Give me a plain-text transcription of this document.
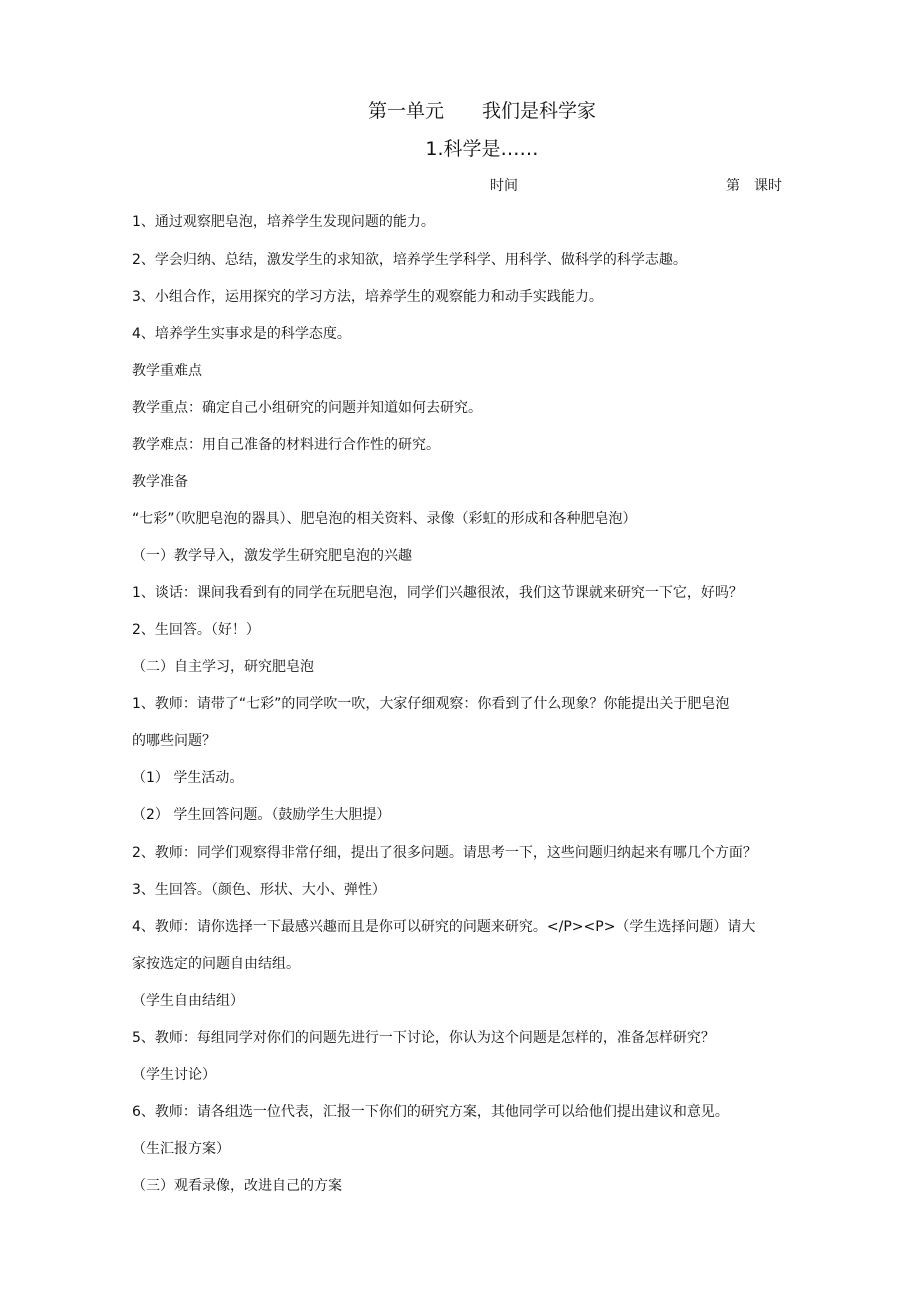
第一单元 我们是科学家
1.科学是……
时间	第 课时
1、通过观察肥皂泡，培养学生发现问题的能力。
2、学会归纳、总结，激发学生的求知欲，培养学生学科学、用科学、做科学的科学志趣。
3、小组合作，运用探究的学习方法，培养学生的观察能力和动手实践能力。
4、培养学生实事求是的科学态度。
教学重难点
教学重点：确定自己小组研究的问题并知道如何去研究。
教学难点：用自己准备的材料进行合作性的研究。
教学准备
“七彩”（吹肥皂泡的器具）、肥皂泡的相关资料、录像（彩虹的形成和各种肥皂泡）
（一）教学导入，激发学生研究肥皂泡的兴趣
1、谈话：课间我看到有的同学在玩肥皂泡，同学们兴趣很浓，我们这节课就来研究一下它，好吗？
2、生回答。（好！）
（二）自主学习，研究肥皂泡
1、教师：请带了“七彩”的同学吹一吹，大家仔细观察：你看到了什么现象？你能提出关于肥皂泡
的哪些问题？
（1） 学生活动。
（2） 学生回答问题。（鼓励学生大胆提）
2、教师：同学们观察得非常仔细，提出了很多问题。请思考一下，这些问题归纳起来有哪几个方面？
3、生回答。（颜色、形状、大小、弹性）
4、教师：请你选择一下最感兴趣而且是你可以研究的问题来研究。</P><P>（学生选择问题）请大
家按选定的问题自由结组。
（学生自由结组）
5、教师：每组同学对你们的问题先进行一下讨论，你认为这个问题是怎样的，准备怎样研究？
（学生讨论）
6、教师：请各组选一位代表，汇报一下你们的研究方案，其他同学可以给他们提出建议和意见。
（生汇报方案）
（三）观看录像，改进自己的方案
